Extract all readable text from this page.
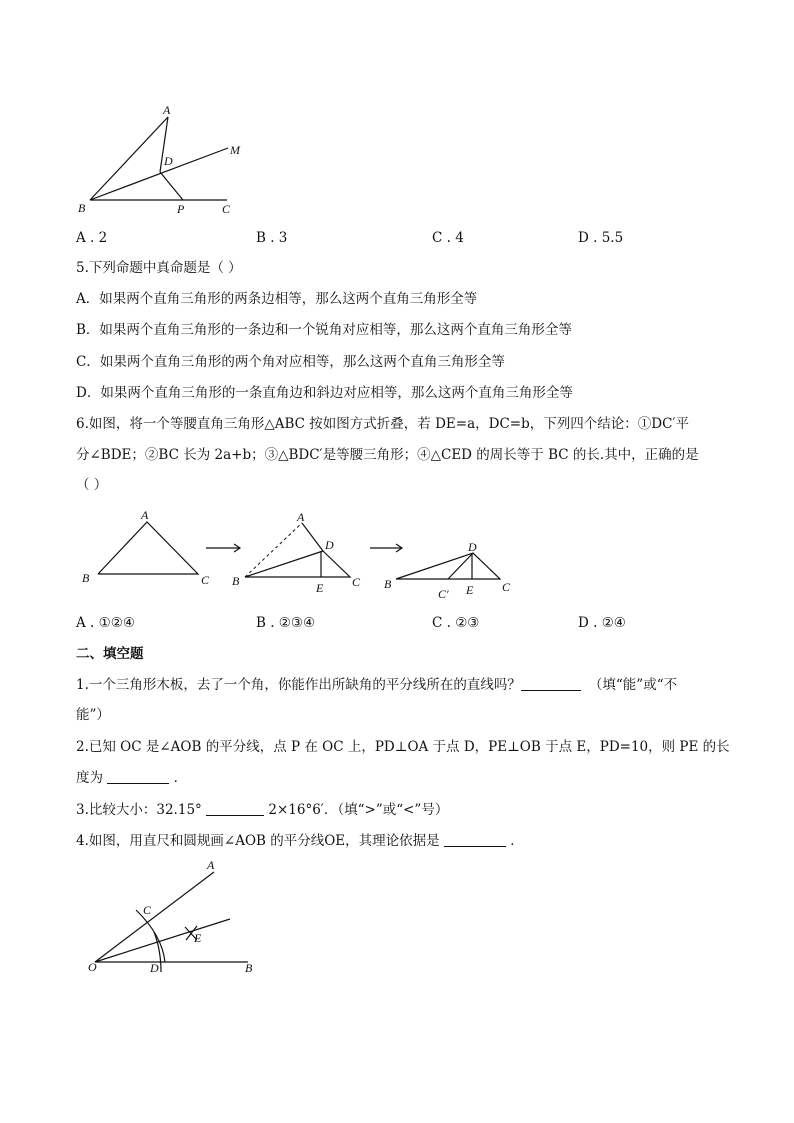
A
B	C
D
M
P
A . 2	B . 3	C . 4	D . 5.5
5.下列命题中真命题是（ ）
A．如果两个直角三角形的两条边相等，那么这两个直角三角形全等
B．如果两个直角三角形的一条边和一个锐角对应相等，那么这两个直角三角形全等
C．如果两个直角三角形的两个角对应相等，那么这两个直角三角形全等
D．如果两个直角三角形的一条直角边和斜边对应相等，那么这两个直角三角形全等
6.如图，将一个等腰直角三角形△ABC 按如图方式折叠，若 DE=a，DC=b，下列四个结论：①DC′平
分∠BDE；②BC 长为 2a+b；③△BDC′是等腰三角形；④△CED 的周长等于 BC 的长.其中，正确的是
（ ）
A
B	C
A
D
B	E C
D
B
C′ E C
A . ①②④	B . ②③④	C . ②③	D . ②④
二、填空题
1.一个三角形木板，去了一个角，你能作出所缺角的平分线所在的直线吗？	（填“能”或“不
能”）
2.已知 OC 是∠AOB 的平分线，点 P 在 OC 上，PD⊥OA 于点 D，PE⊥OB 于点 E，PD=10，则 PE 的长
度为	．
3.比较大小：32.15°	2×16°6′．（填“>”或“<”号）
4.如图，用直尺和圆规画∠AOB 的平分线OE，其理论依据是	．
A
C
E
O	D	B
